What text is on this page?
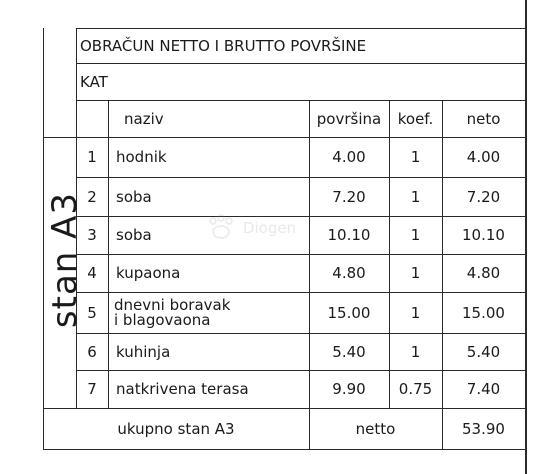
OBRAČUN NETTO I BRUTTO POVRŠINE
KAT
naziv	površina	koef.	neto
stan A3
1	hodnik	4.00	1	4.00
2	soba	7.20	1	7.20
3	soba	10.10	1	10.10
4	kupaona	4.80	1	4.80
5	dnevni boravak
i blagovaona	15.00	1	15.00
6	kuhinja	5.40	1	5.40
7	natkrivena terasa	9.90	0.75	7.40
ukupno stan A3	netto	53.90
Diogen
